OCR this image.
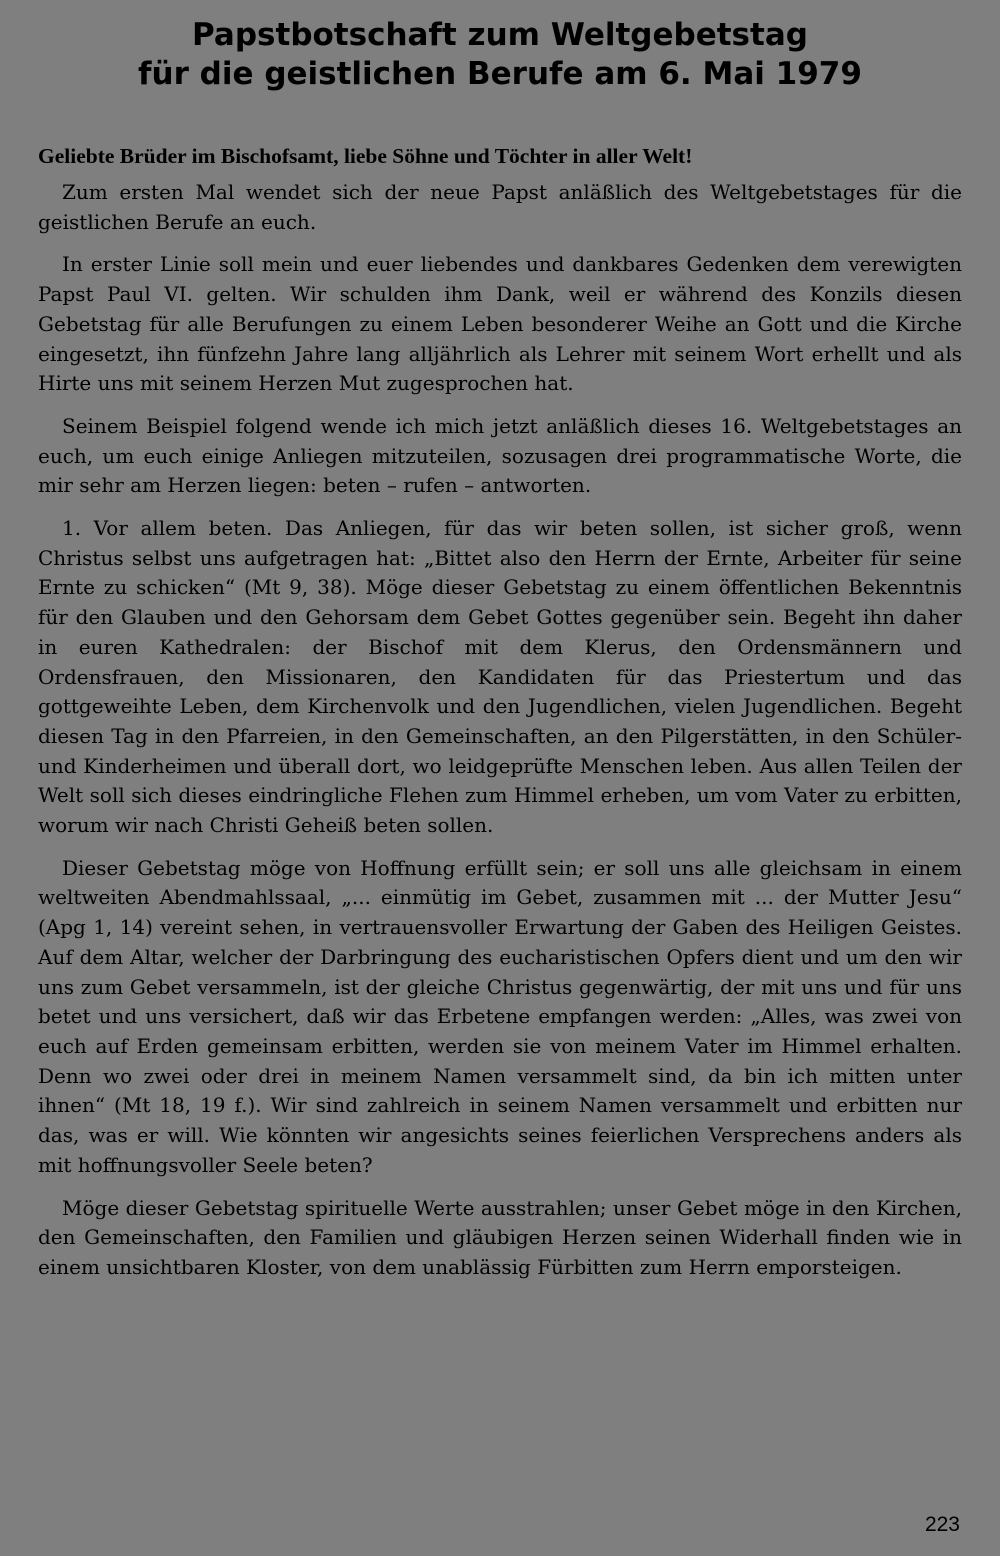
Papstbotschaft zum Weltgebetstag
für die geistlichen Berufe am 6. Mai 1979

Geliebte Brüder im Bischofsamt, liebe Söhne und Töchter in aller Welt!

Zum ersten Mal wendet sich der neue Papst anläßlich des Weltgebetstages für die geistlichen Berufe an euch.

In erster Linie soll mein und euer liebendes und dankbares Gedenken dem verewigten Papst Paul VI. gelten. Wir schulden ihm Dank, weil er während des Konzils diesen Gebetstag für alle Berufungen zu einem Leben besonderer Weihe an Gott und die Kirche eingesetzt, ihn fünfzehn Jahre lang alljährlich als Lehrer mit seinem Wort erhellt und als Hirte uns mit seinem Herzen Mut zugesprochen hat.

Seinem Beispiel folgend wende ich mich jetzt anläßlich dieses 16. Weltgebetstages an euch, um euch einige Anliegen mitzuteilen, sozusagen drei programmatische Worte, die mir sehr am Herzen liegen: beten – rufen – antworten.

1. Vor allem beten. Das Anliegen, für das wir beten sollen, ist sicher groß, wenn Christus selbst uns aufgetragen hat: „Bittet also den Herrn der Ernte, Arbeiter für seine Ernte zu schicken“ (Mt 9, 38). Möge dieser Gebetstag zu einem öffentlichen Bekenntnis für den Glauben und den Gehorsam dem Gebet Gottes gegenüber sein. Begeht ihn daher in euren Kathedralen: der Bischof mit dem Klerus, den Ordensmännern und Ordensfrauen, den Missionaren, den Kandidaten für das Priestertum und das gottgeweihte Leben, dem Kirchenvolk und den Jugendlichen, vielen Jugendlichen. Begeht diesen Tag in den Pfarreien, in den Gemeinschaften, an den Pilgerstätten, in den Schüler- und Kinderheimen und überall dort, wo leidgeprüfte Menschen leben. Aus allen Teilen der Welt soll sich dieses eindringliche Flehen zum Himmel erheben, um vom Vater zu erbitten, worum wir nach Christi Geheiß beten sollen.

Dieser Gebetstag möge von Hoffnung erfüllt sein; er soll uns alle gleichsam in einem weltweiten Abendmahlssaal, „... einmütig im Gebet, zusammen mit ... der Mutter Jesu“ (Apg 1, 14) vereint sehen, in vertrauensvoller Erwartung der Gaben des Heiligen Geistes. Auf dem Altar, welcher der Darbringung des eucharistischen Opfers dient und um den wir uns zum Gebet versammeln, ist der gleiche Christus gegenwärtig, der mit uns und für uns betet und uns versichert, daß wir das Erbetene empfangen werden: „Alles, was zwei von euch auf Erden gemeinsam erbitten, werden sie von meinem Vater im Himmel erhalten. Denn wo zwei oder drei in meinem Namen versammelt sind, da bin ich mitten unter ihnen“ (Mt 18, 19 f.). Wir sind zahlreich in seinem Namen versammelt und erbitten nur das, was er will. Wie könnten wir angesichts seines feierlichen Versprechens anders als mit hoffnungsvoller Seele beten?

Möge dieser Gebetstag spirituelle Werte ausstrahlen; unser Gebet möge in den Kirchen, den Gemeinschaften, den Familien und gläubigen Herzen seinen Widerhall finden wie in einem unsichtbaren Kloster, von dem unablässig Fürbitten zum Herrn emporsteigen.

223
